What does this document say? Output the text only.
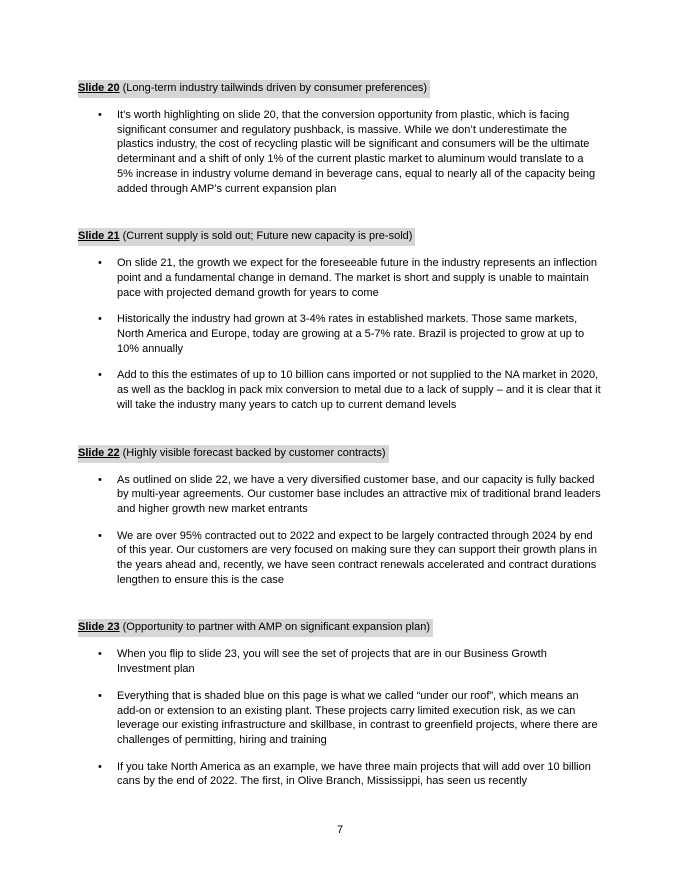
Slide 20 (Long-term industry tailwinds driven by consumer preferences)

•	It’s worth highlighting on slide 20, that the conversion opportunity from plastic, which is facing significant consumer and regulatory pushback, is massive. While we don’t underestimate the plastics industry, the cost of recycling plastic will be significant and consumers will be the ultimate determinant and a shift of only 1% of the current plastic market to aluminum would translate to a 5% increase in industry volume demand in beverage cans, equal to nearly all of the capacity being added through AMP’s current expansion plan

Slide 21 (Current supply is sold out; Future new capacity is pre-sold)

•	On slide 21, the growth we expect for the foreseeable future in the industry represents an inflection point and a fundamental change in demand. The market is short and supply is unable to maintain pace with projected demand growth for years to come
•	Historically the industry had grown at 3-4% rates in established markets. Those same markets, North America and Europe, today are growing at a 5-7% rate. Brazil is projected to grow at up to 10% annually
•	Add to this the estimates of up to 10 billion cans imported or not supplied to the NA market in 2020, as well as the backlog in pack mix conversion to metal due to a lack of supply – and it is clear that it will take the industry many years to catch up to current demand levels

Slide 22 (Highly visible forecast backed by customer contracts)

•	As outlined on slide 22, we have a very diversified customer base, and our capacity is fully backed by multi-year agreements. Our customer base includes an attractive mix of traditional brand leaders and higher growth new market entrants
•	We are over 95% contracted out to 2022 and expect to be largely contracted through 2024 by end of this year. Our customers are very focused on making sure they can support their growth plans in the years ahead and, recently, we have seen contract renewals accelerated and contract durations lengthen to ensure this is the case

Slide 23 (Opportunity to partner with AMP on significant expansion plan)

•	When you flip to slide 23, you will see the set of projects that are in our Business Growth Investment plan
•	Everything that is shaded blue on this page is what we called “under our roof”, which means an add-on or extension to an existing plant. These projects carry limited execution risk, as we can leverage our existing infrastructure and skillbase, in contrast to greenfield projects, where there are challenges of permitting, hiring and training
•	If you take North America as an example, we have three main projects that will add over 10 billion cans by the end of 2022. The first, in Olive Branch, Mississippi, has seen us recently
7
